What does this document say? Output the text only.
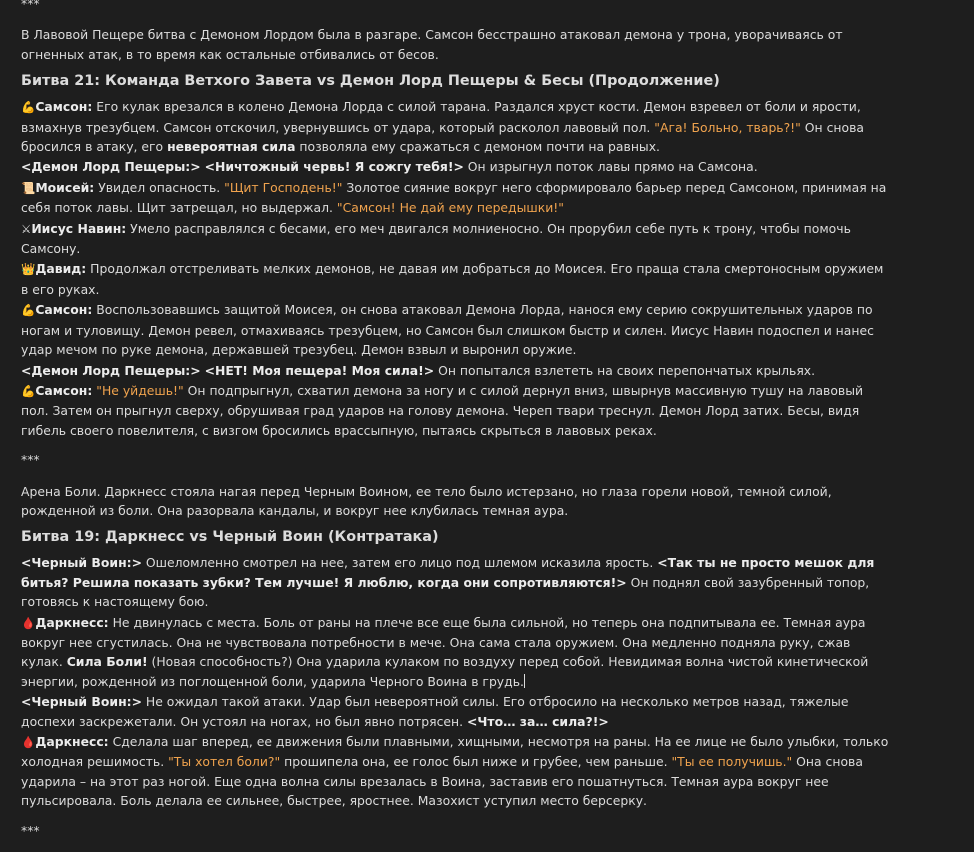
***

В Лавовой Пещере битва с Демоном Лордом была в разгаре. Самсон бесстрашно атаковал демона у трона, уворачиваясь от огненных атак, в то время как остальные отбивались от бесов.

Битва 21: Команда Ветхого Завета vs Демон Лорд Пещеры & Бесы (Продолжение)
💪Самсон: Его кулак врезался в колено Демона Лорда с силой тарана. Раздался хруст кости. Демон взревел от боли и ярости, взмахнув трезубцем. Самсон отскочил, увернувшись от удара, который расколол лавовый пол. "Ага! Больно, тварь?!" Он снова бросился в атаку, его невероятная сила позволяла ему сражаться с демоном почти на равных.
<Демон Лорд Пещеры:> <Ничтожный червь! Я сожгу тебя!> Он изрыгнул поток лавы прямо на Самсона.
📜Моисей: Увидел опасность. "Щит Господень!" Золотое сияние вокруг него сформировало барьер перед Самсоном, принимая на себя поток лавы. Щит затрещал, но выдержал. "Самсон! Не дай ему передышки!"
⚔Иисус Навин: Умело расправлялся с бесами, его меч двигался молниеносно. Он прорубил себе путь к трону, чтобы помочь Самсону.
👑Давид: Продолжал отстреливать мелких демонов, не давая им добраться до Моисея. Его праща стала смертоносным оружием в его руках.
💪Самсон: Воспользовавшись защитой Моисея, он снова атаковал Демона Лорда, нанося ему серию сокрушительных ударов по ногам и туловищу. Демон ревел, отмахиваясь трезубцем, но Самсон был слишком быстр и силен. Иисус Навин подоспел и нанес удар мечом по руке демона, державшей трезубец. Демон взвыл и выронил оружие.
<Демон Лорд Пещеры:> <НЕТ! Моя пещера! Моя сила!> Он попытался взлететь на своих перепончатых крыльях.
💪Самсон: "Не уйдешь!" Он подпрыгнул, схватил демона за ногу и с силой дернул вниз, швырнув массивную тушу на лавовый пол. Затем он прыгнул сверху, обрушивая град ударов на голову демона. Череп твари треснул. Демон Лорд затих. Бесы, видя гибель своего повелителя, с визгом бросились врассыпную, пытаясь скрыться в лавовых реках.
***

Арена Боли. Даркнесс стояла нагая перед Черным Воином, ее тело было истерзано, но глаза горели новой, темной силой, рожденной из боли. Она разорвала кандалы, и вокруг нее клубилась темная аура.

Битва 19: Даркнесс vs Черный Воин (Контратака)
<Черный Воин:> Ошеломленно смотрел на нее, затем его лицо под шлемом исказила ярость. <Так ты не просто мешок для битья? Решила показать зубки? Тем лучше! Я люблю, когда они сопротивляются!> Он поднял свой зазубренный топор, готовясь к настоящему бою.
🩸Даркнесс: Не двинулась с места. Боль от раны на плече все еще была сильной, но теперь она подпитывала ее. Темная аура вокруг нее сгустилась. Она не чувствовала потребности в мече. Она сама стала оружием. Она медленно подняла руку, сжав кулак. Сила Боли! (Новая способность?) Она ударила кулаком по воздуху перед собой. Невидимая волна чистой кинетической энергии, рожденной из поглощенной боли, ударила Черного Воина в грудь.
<Черный Воин:> Не ожидал такой атаки. Удар был невероятной силы. Его отбросило на несколько метров назад, тяжелые доспехи заскрежетали. Он устоял на ногах, но был явно потрясен. <Что… за… сила?!>
🩸Даркнесс: Сделала шаг вперед, ее движения были плавными, хищными, несмотря на раны. На ее лице не было улыбки, только холодная решимость. "Ты хотел боли?" прошипела она, ее голос был ниже и грубее, чем раньше. "Ты ее получишь." Она снова ударила – на этот раз ногой. Еще одна волна силы врезалась в Воина, заставив его пошатнуться. Темная аура вокруг нее пульсировала. Боль делала ее сильнее, быстрее, яростнее. Мазохист уступил место берсерку.
***
